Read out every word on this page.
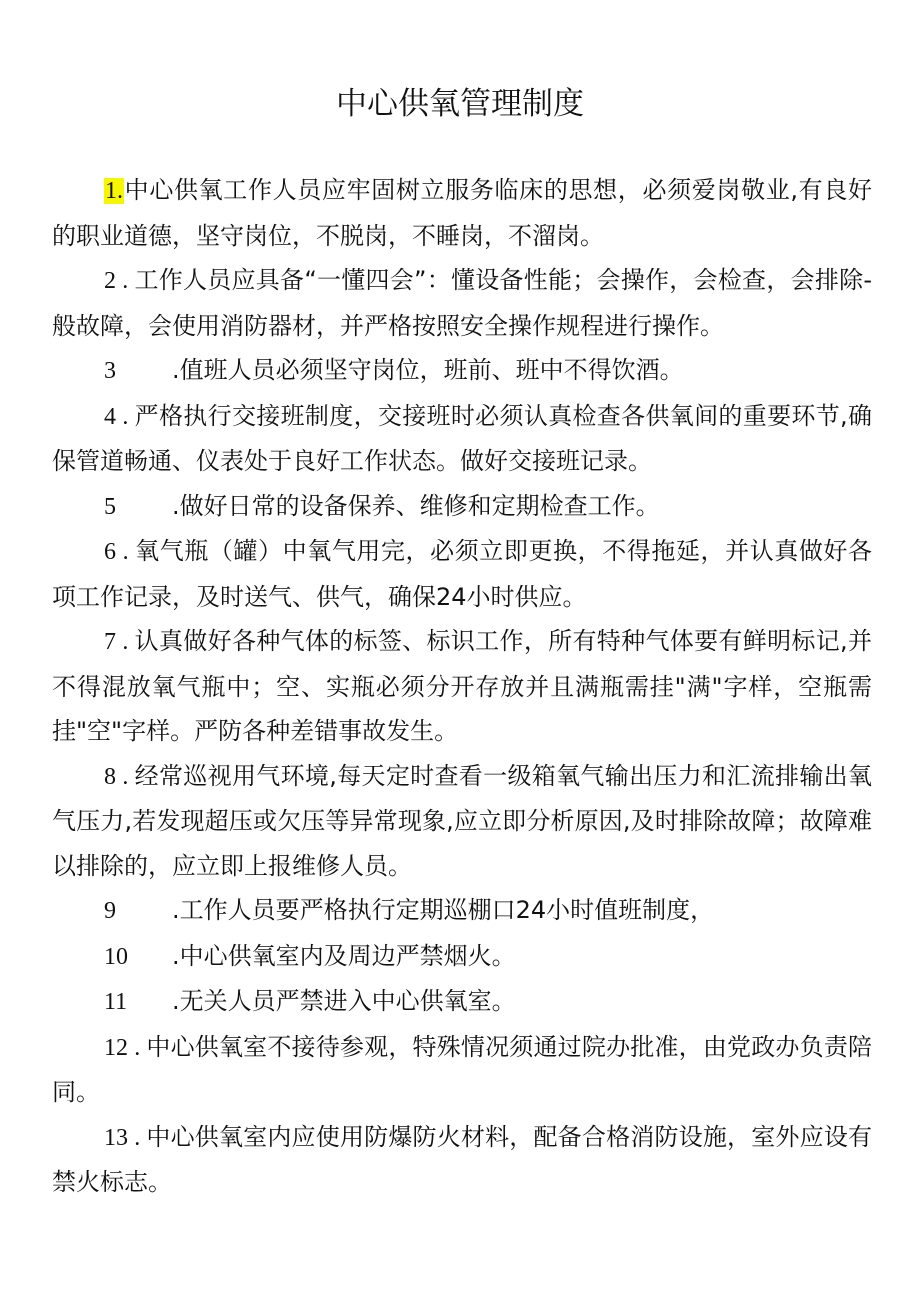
中心供氧管理制度

1.中心供氧工作人员应牢固树立服务临床的思想，必须爱岗敬业,有良好的职业道德，坚守岗位，不脱岗，不睡岗，不溜岗。

2 . 工作人员应具备“一懂四会”：懂设备性能；会操作，会检查，会排除-般故障，会使用消防器材，并严格按照安全操作规程进行操作。

3 .值班人员必须坚守岗位，班前、班中不得饮酒。

4 . 严格执行交接班制度，交接班时必须认真检查各供氧间的重要环节,确保管道畅通、仪表处于良好工作状态。做好交接班记录。

5 .做好日常的设备保养、维修和定期检查工作。

6 . 氧气瓶（罐）中氧气用完，必须立即更换，不得拖延，并认真做好各项工作记录，及时送气、供气，确保24小时供应。

7 . 认真做好各种气体的标签、标识工作，所有特种气体要有鲜明标记,并不得混放氧气瓶中；空、实瓶必须分开存放并且满瓶需挂"满"字样，空瓶需挂"空"字样。严防各种差错事故发生。

8 . 经常巡视用气环境,每天定时查看一级箱氧气输出压力和汇流排输出氧气压力,若发现超压或欠压等异常现象,应立即分析原因,及时排除故障；故障难以排除的，应立即上报维修人员。

9 .工作人员要严格执行定期巡棚口24小时值班制度，

10 .中心供氧室内及周边严禁烟火。

11 .无关人员严禁进入中心供氧室。

12 . 中心供氧室不接待参观，特殊情况须通过院办批准，由党政办负责陪同。

13 . 中心供氧室内应使用防爆防火材料，配备合格消防设施，室外应设有禁火标志。
